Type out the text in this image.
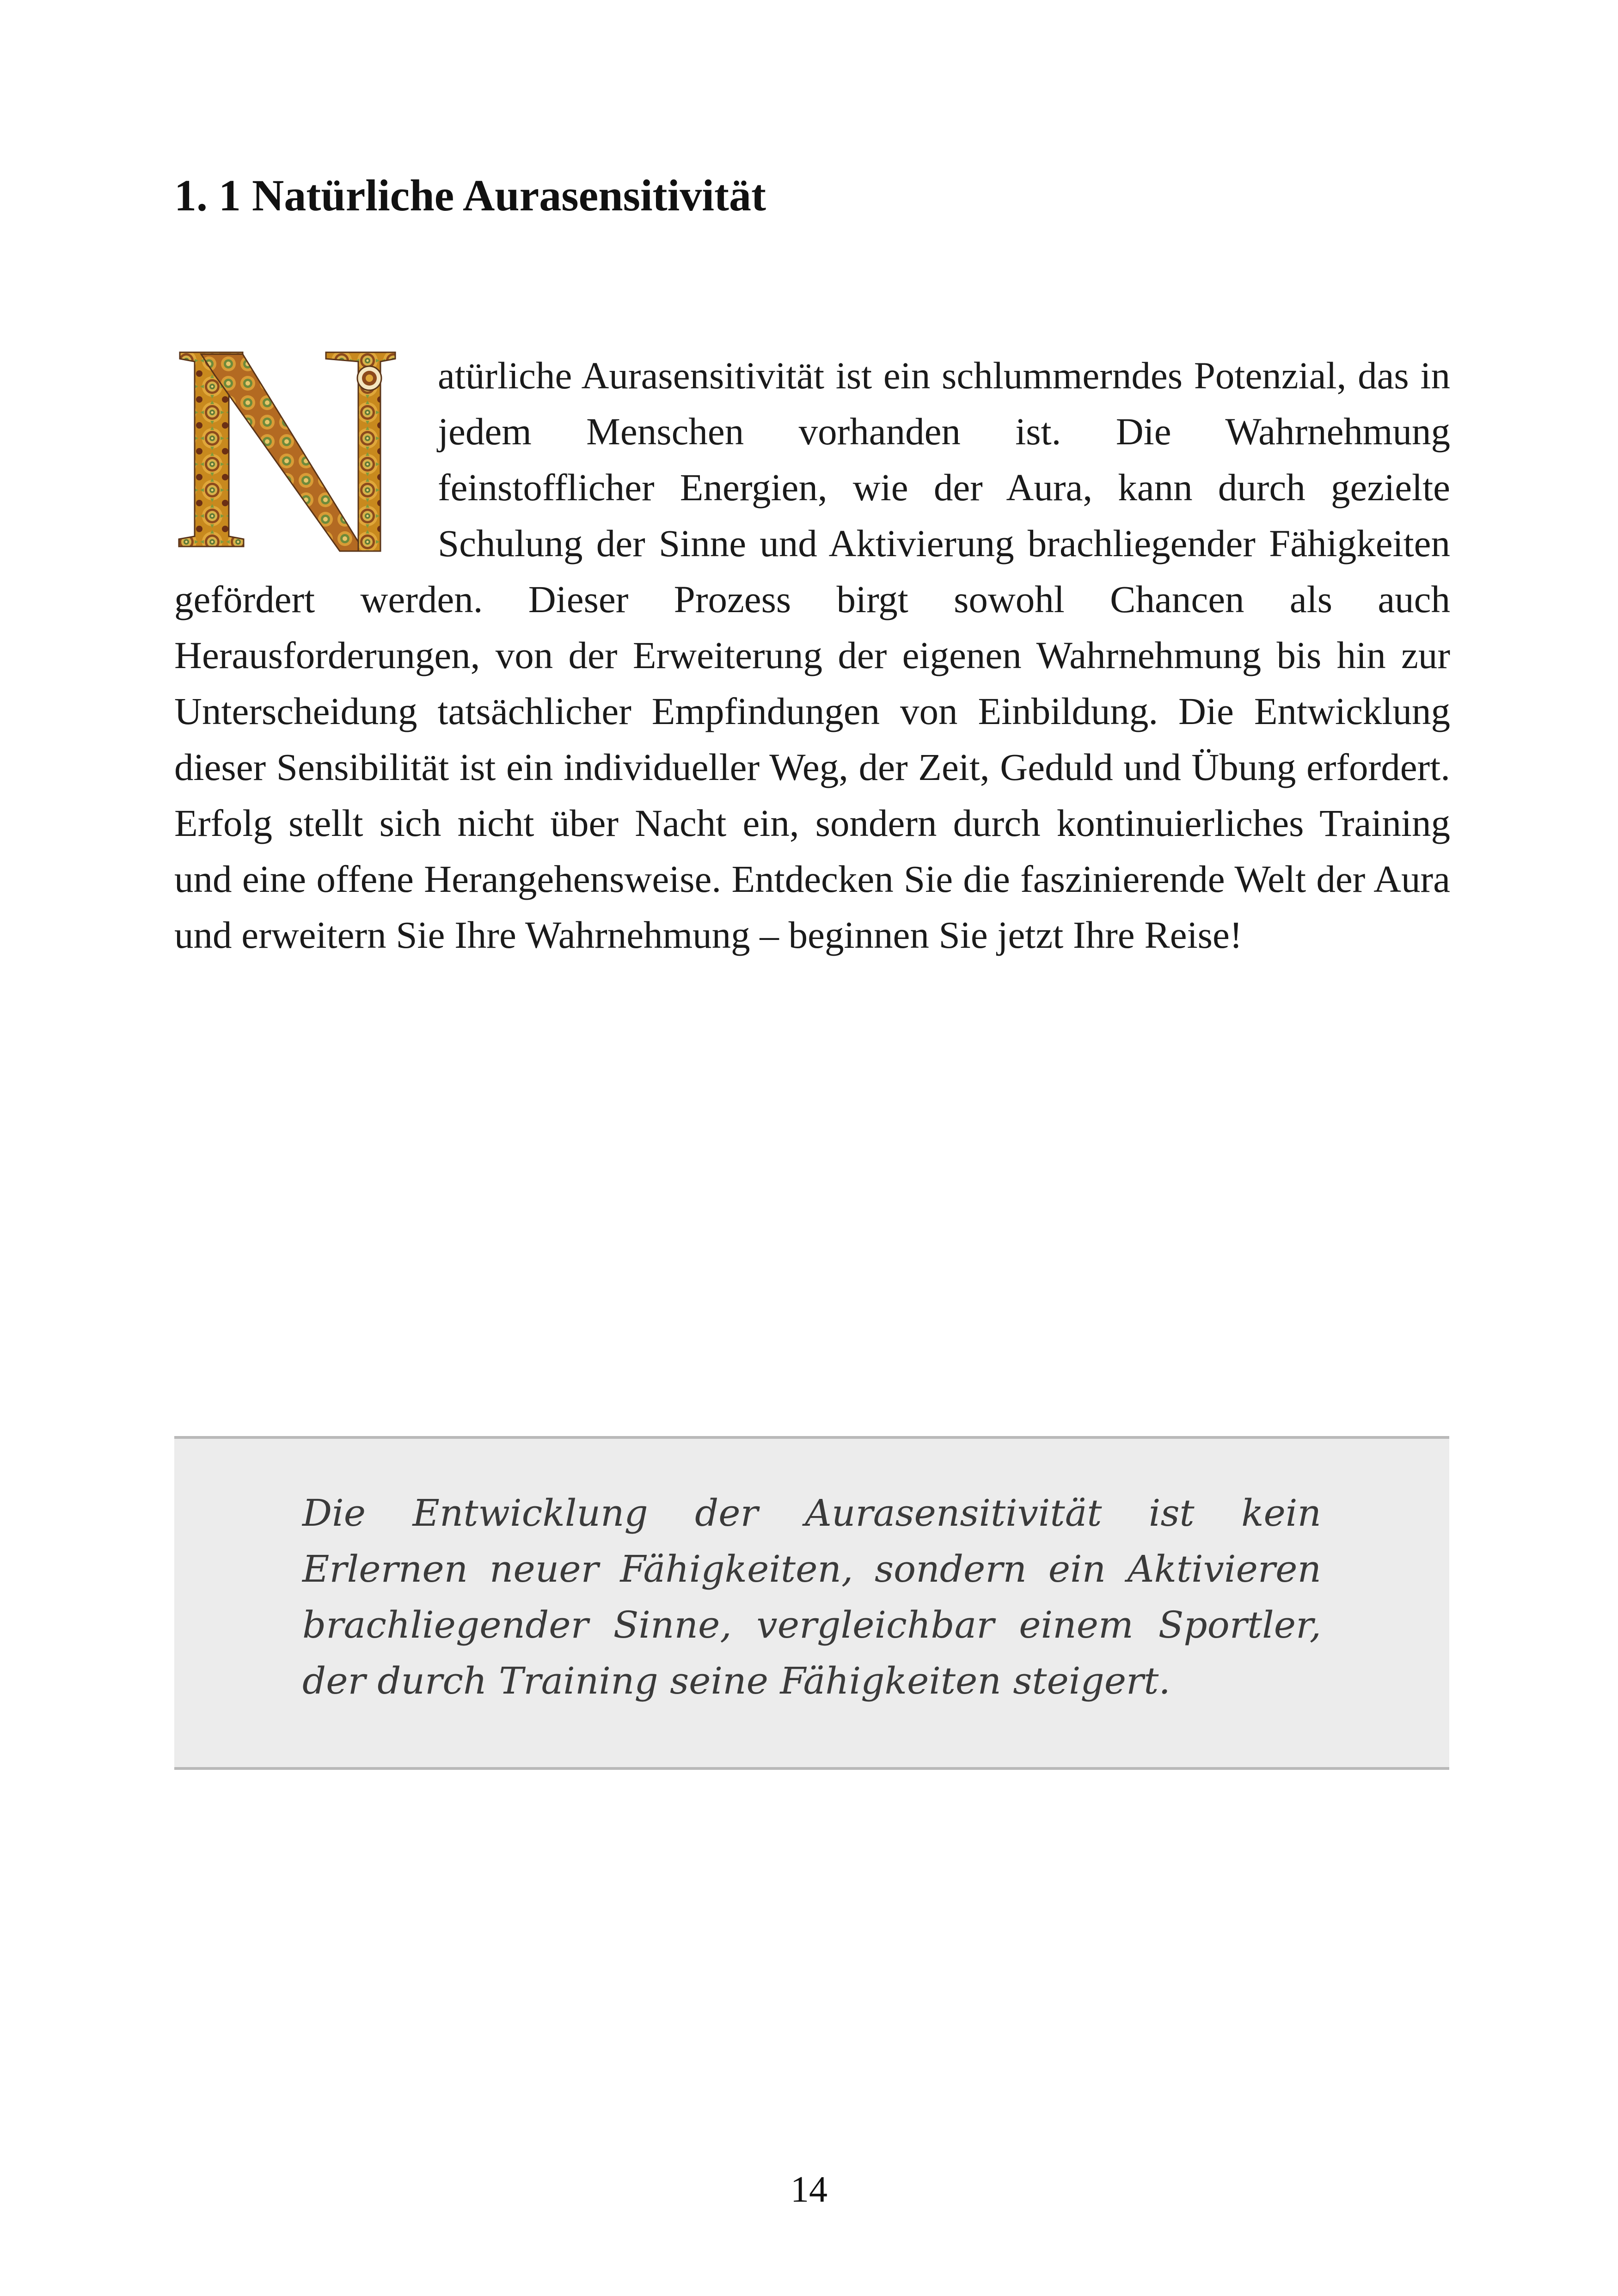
1. 1 Natürliche Aurasensitivität

atürliche Aurasensitivität ist ein schlummerndes Potenzial, das in jedem Menschen vorhanden ist. Die Wahrnehmung feinstofflicher Energien, wie der Aura, kann durch gezielte Schulung der Sinne und Aktivierung brachliegender Fähigkeiten gefördert werden. Dieser Prozess birgt sowohl Chancen als auch Herausforderungen, von der Erweiterung der eigenen Wahrnehmung bis hin zur Unterscheidung tatsächlicher Empfindungen von Einbildung. Die Entwicklung dieser Sensibilität ist ein individueller Weg, der Zeit, Geduld und Übung erfordert. Erfolg stellt sich nicht über Nacht ein, sondern durch kontinuierliches Training und eine offene Herangehensweise. Entdecken Sie die faszinierende Welt der Aura und erweitern Sie Ihre Wahrnehmung – beginnen Sie jetzt Ihre Reise!

Die Entwicklung der Aurasensitivität ist kein Erlernen neuer Fähigkeiten, sondern ein Aktivieren brachliegender Sinne, vergleichbar einem Sportler, der durch Training seine Fähigkeiten steigert.

14
